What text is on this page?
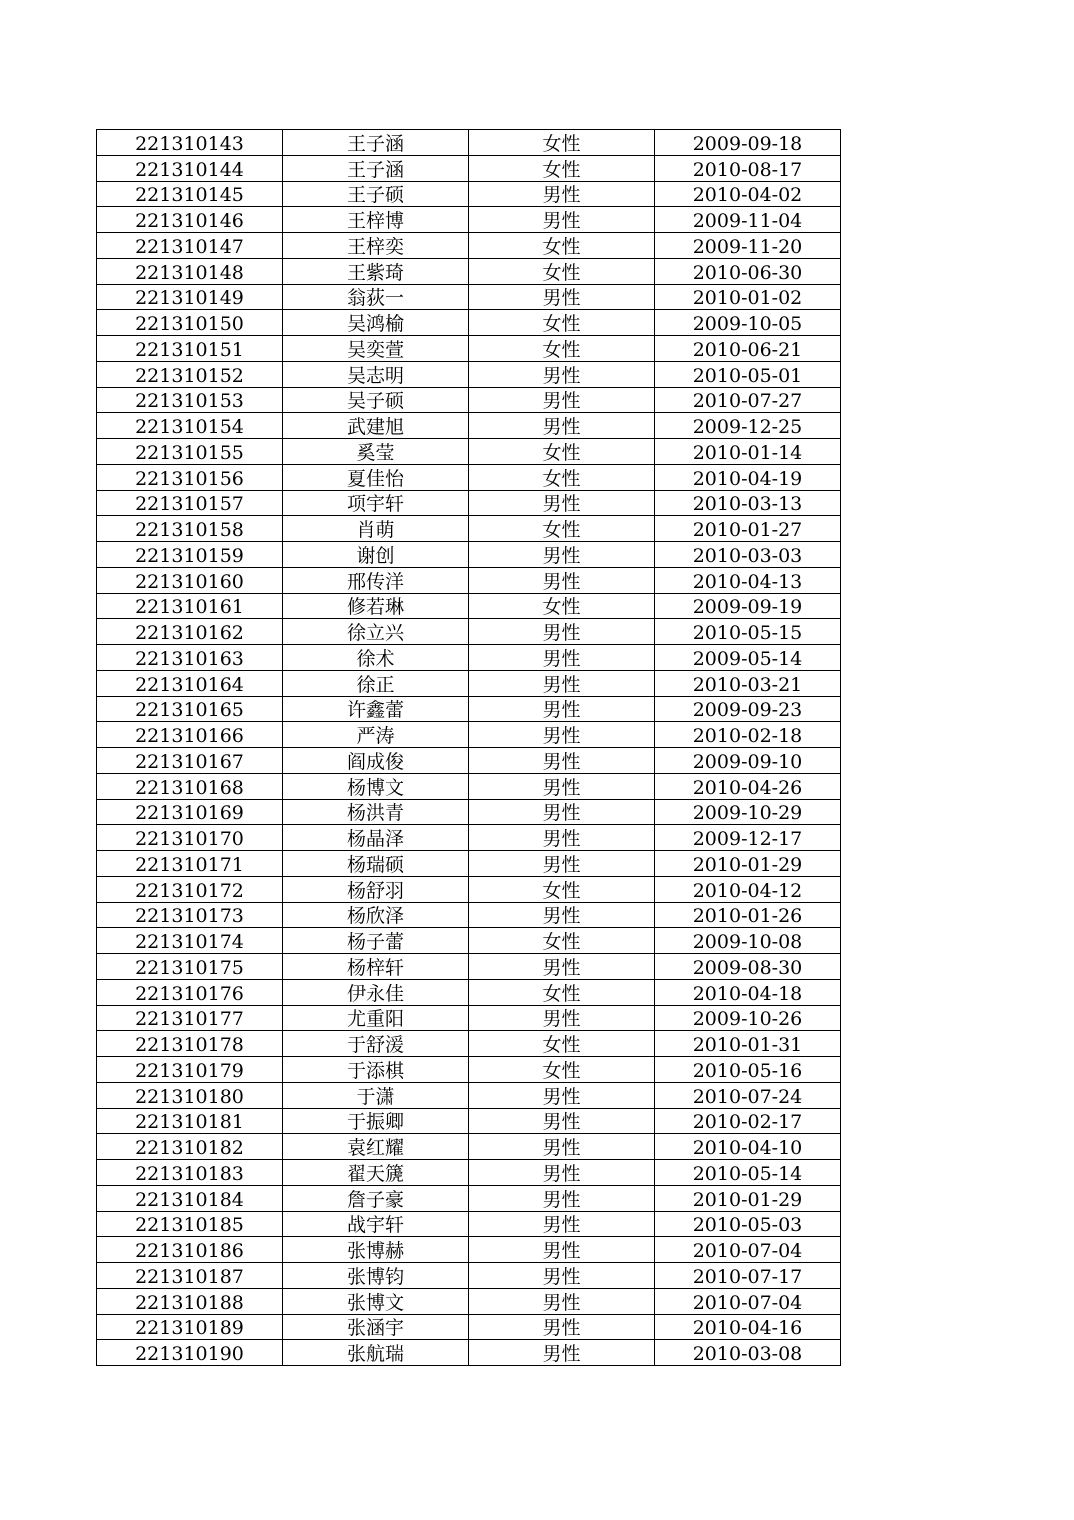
221310143	王子涵	女性	2009-09-18
221310144	王子涵	女性	2010-08-17
221310145	王子硕	男性	2010-04-02
221310146	王梓博	男性	2009-11-04
221310147	王梓奕	女性	2009-11-20
221310148	王紫琦	女性	2010-06-30
221310149	翁荻一	男性	2010-01-02
221310150	吴鸿榆	女性	2009-10-05
221310151	吴奕萱	女性	2010-06-21
221310152	吴志明	男性	2010-05-01
221310153	吴子硕	男性	2010-07-27
221310154	武建旭	男性	2009-12-25
221310155	奚莹	女性	2010-01-14
221310156	夏佳怡	女性	2010-04-19
221310157	项宇轩	男性	2010-03-13
221310158	肖萌	女性	2010-01-27
221310159	谢创	男性	2010-03-03
221310160	邢传洋	男性	2010-04-13
221310161	修若琳	女性	2009-09-19
221310162	徐立兴	男性	2010-05-15
221310163	徐术	男性	2009-05-14
221310164	徐正	男性	2010-03-21
221310165	许鑫蕾	男性	2009-09-23
221310166	严涛	男性	2010-02-18
221310167	阎成俊	男性	2009-09-10
221310168	杨博文	男性	2010-04-26
221310169	杨洪青	男性	2009-10-29
221310170	杨晶泽	男性	2009-12-17
221310171	杨瑞硕	男性	2010-01-29
221310172	杨舒羽	女性	2010-04-12
221310173	杨欣泽	男性	2010-01-26
221310174	杨子蕾	女性	2009-10-08
221310175	杨梓轩	男性	2009-08-30
221310176	伊永佳	女性	2010-04-18
221310177	尤重阳	男性	2009-10-26
221310178	于舒湲	女性	2010-01-31
221310179	于添棋	女性	2010-05-16
221310180	于潇	男性	2010-07-24
221310181	于振卿	男性	2010-02-17
221310182	袁红耀	男性	2010-04-10
221310183	翟天篪	男性	2010-05-14
221310184	詹子豪	男性	2010-01-29
221310185	战宇轩	男性	2010-05-03
221310186	张博赫	男性	2010-07-04
221310187	张博钧	男性	2010-07-17
221310188	张博文	男性	2010-07-04
221310189	张涵宇	男性	2010-04-16
221310190	张航瑞	男性	2010-03-08
